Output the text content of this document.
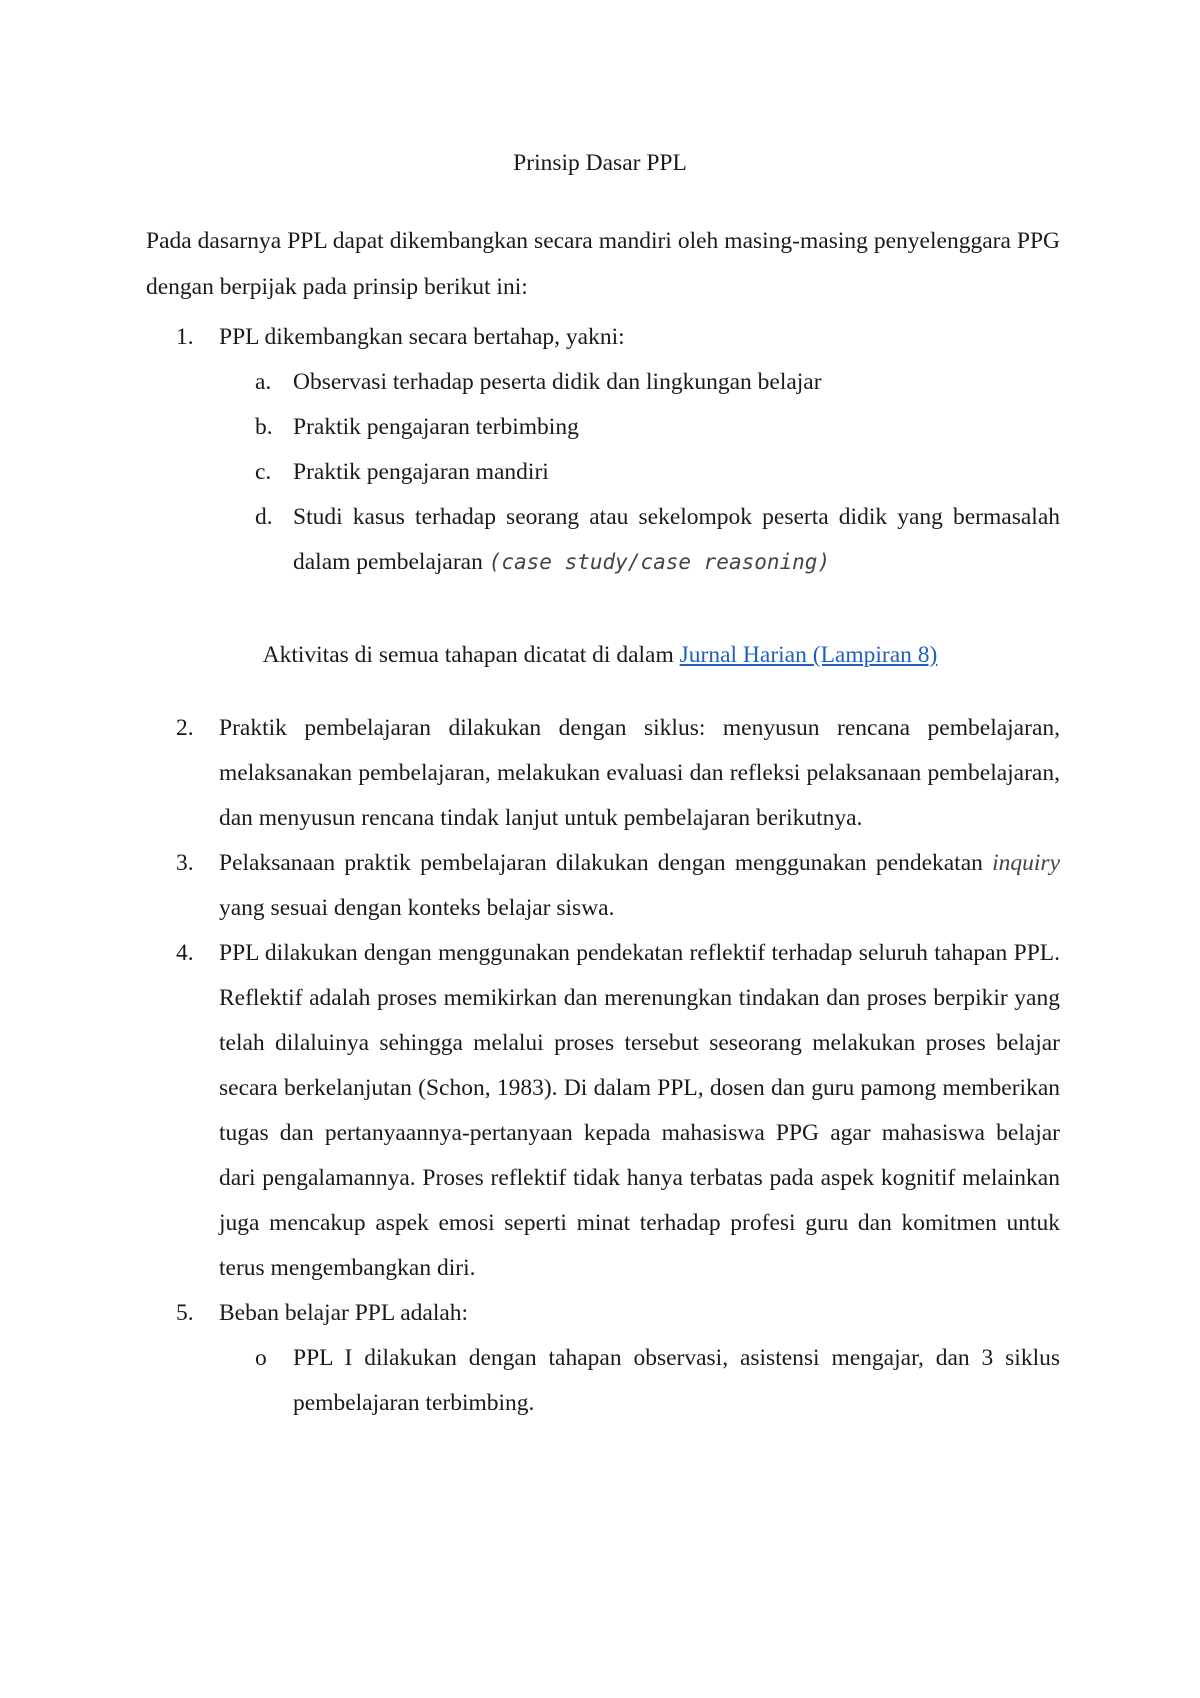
Prinsip Dasar PPL
Pada dasarnya PPL dapat dikembangkan secara mandiri oleh masing-masing penyelenggara PPG dengan berpijak pada prinsip berikut ini:
1.	PPL dikembangkan secara bertahap, yakni:
a. Observasi terhadap peserta didik dan lingkungan belajar
b. Praktik pengajaran terbimbing
c. Praktik pengajaran mandiri
d. Studi kasus terhadap seorang atau sekelompok peserta didik yang bermasalah dalam pembelajaran (case study/case reasoning)
Aktivitas di semua tahapan dicatat di dalam Jurnal Harian (Lampiran 8)
2.	Praktik pembelajaran dilakukan dengan siklus: menyusun rencana pembelajaran, melaksanakan pembelajaran, melakukan evaluasi dan refleksi pelaksanaan pembelajaran, dan menyusun rencana tindak lanjut untuk pembelajaran berikutnya.
3.	Pelaksanaan praktik pembelajaran dilakukan dengan menggunakan pendekatan inquiry yang sesuai dengan konteks belajar siswa.
4.	PPL dilakukan dengan menggunakan pendekatan reflektif terhadap seluruh tahapan PPL. Reflektif adalah proses memikirkan dan merenungkan tindakan dan proses berpikir yang telah dilaluinya sehingga melalui proses tersebut seseorang melakukan proses belajar secara berkelanjutan (Schon, 1983). Di dalam PPL, dosen dan guru pamong memberikan tugas dan pertanyaannya-pertanyaan kepada mahasiswa PPG agar mahasiswa belajar dari pengalamannya. Proses reflektif tidak hanya terbatas pada aspek kognitif melainkan juga mencakup aspek emosi seperti minat terhadap profesi guru dan komitmen untuk terus mengembangkan diri.
5.	Beban belajar PPL adalah:
o PPL I dilakukan dengan tahapan observasi, asistensi mengajar, dan 3 siklus pembelajaran terbimbing.
